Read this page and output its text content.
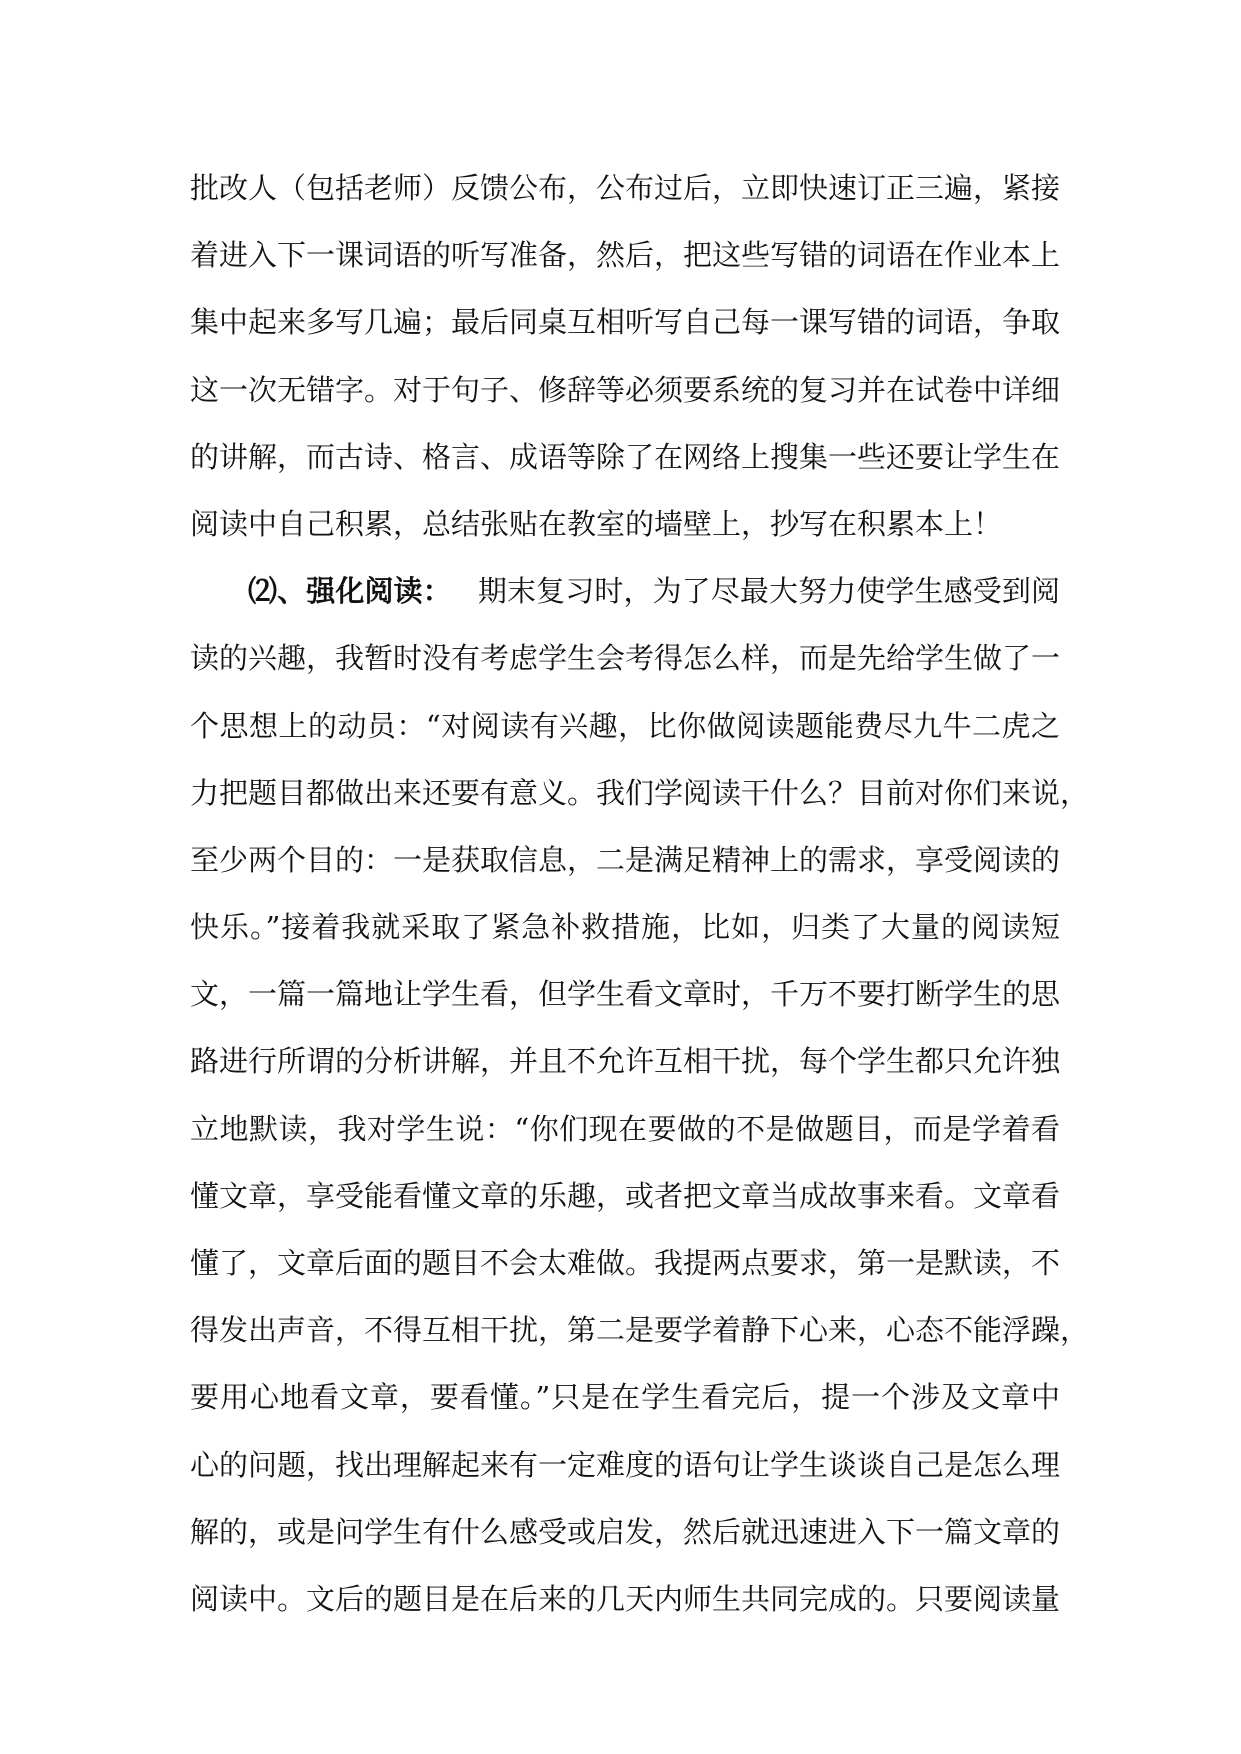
批改人（包括老师）反馈公布，公布过后，立即快速订正三遍，紧接
着进入下一课词语的听写准备，然后，把这些写错的词语在作业本上
集中起来多写几遍；最后同桌互相听写自己每一课写错的词语，争取
这一次无错字。对于句子、修辞等必须要系统的复习并在试卷中详细
的讲解，而古诗、格言、成语等除了在网络上搜集一些还要让学生在
阅读中自己积累，总结张贴在教室的墙壁上，抄写在积累本上！
⑵、强化阅读： 期末复习时，为了尽最大努力使学生感受到阅
读的兴趣，我暂时没有考虑学生会考得怎么样，而是先给学生做了一
个思想上的动员：“对阅读有兴趣，比你做阅读题能费尽九牛二虎之
力把题目都做出来还要有意义。我们学阅读干什么？目前对你们来说，
至少两个目的：一是获取信息，二是满足精神上的需求，享受阅读的
快乐。”接着我就采取了紧急补救措施，比如，归类了大量的阅读短
文，一篇一篇地让学生看，但学生看文章时，千万不要打断学生的思
路进行所谓的分析讲解，并且不允许互相干扰，每个学生都只允许独
立地默读，我对学生说：“你们现在要做的不是做题目，而是学着看
懂文章，享受能看懂文章的乐趣，或者把文章当成故事来看。文章看
懂了，文章后面的题目不会太难做。我提两点要求，第一是默读，不
得发出声音，不得互相干扰，第二是要学着静下心来，心态不能浮躁，
要用心地看文章，要看懂。”只是在学生看完后，提一个涉及文章中
心的问题，找出理解起来有一定难度的语句让学生谈谈自己是怎么理
解的，或是问学生有什么感受或启发，然后就迅速进入下一篇文章的
阅读中。文后的题目是在后来的几天内师生共同完成的。只要阅读量
